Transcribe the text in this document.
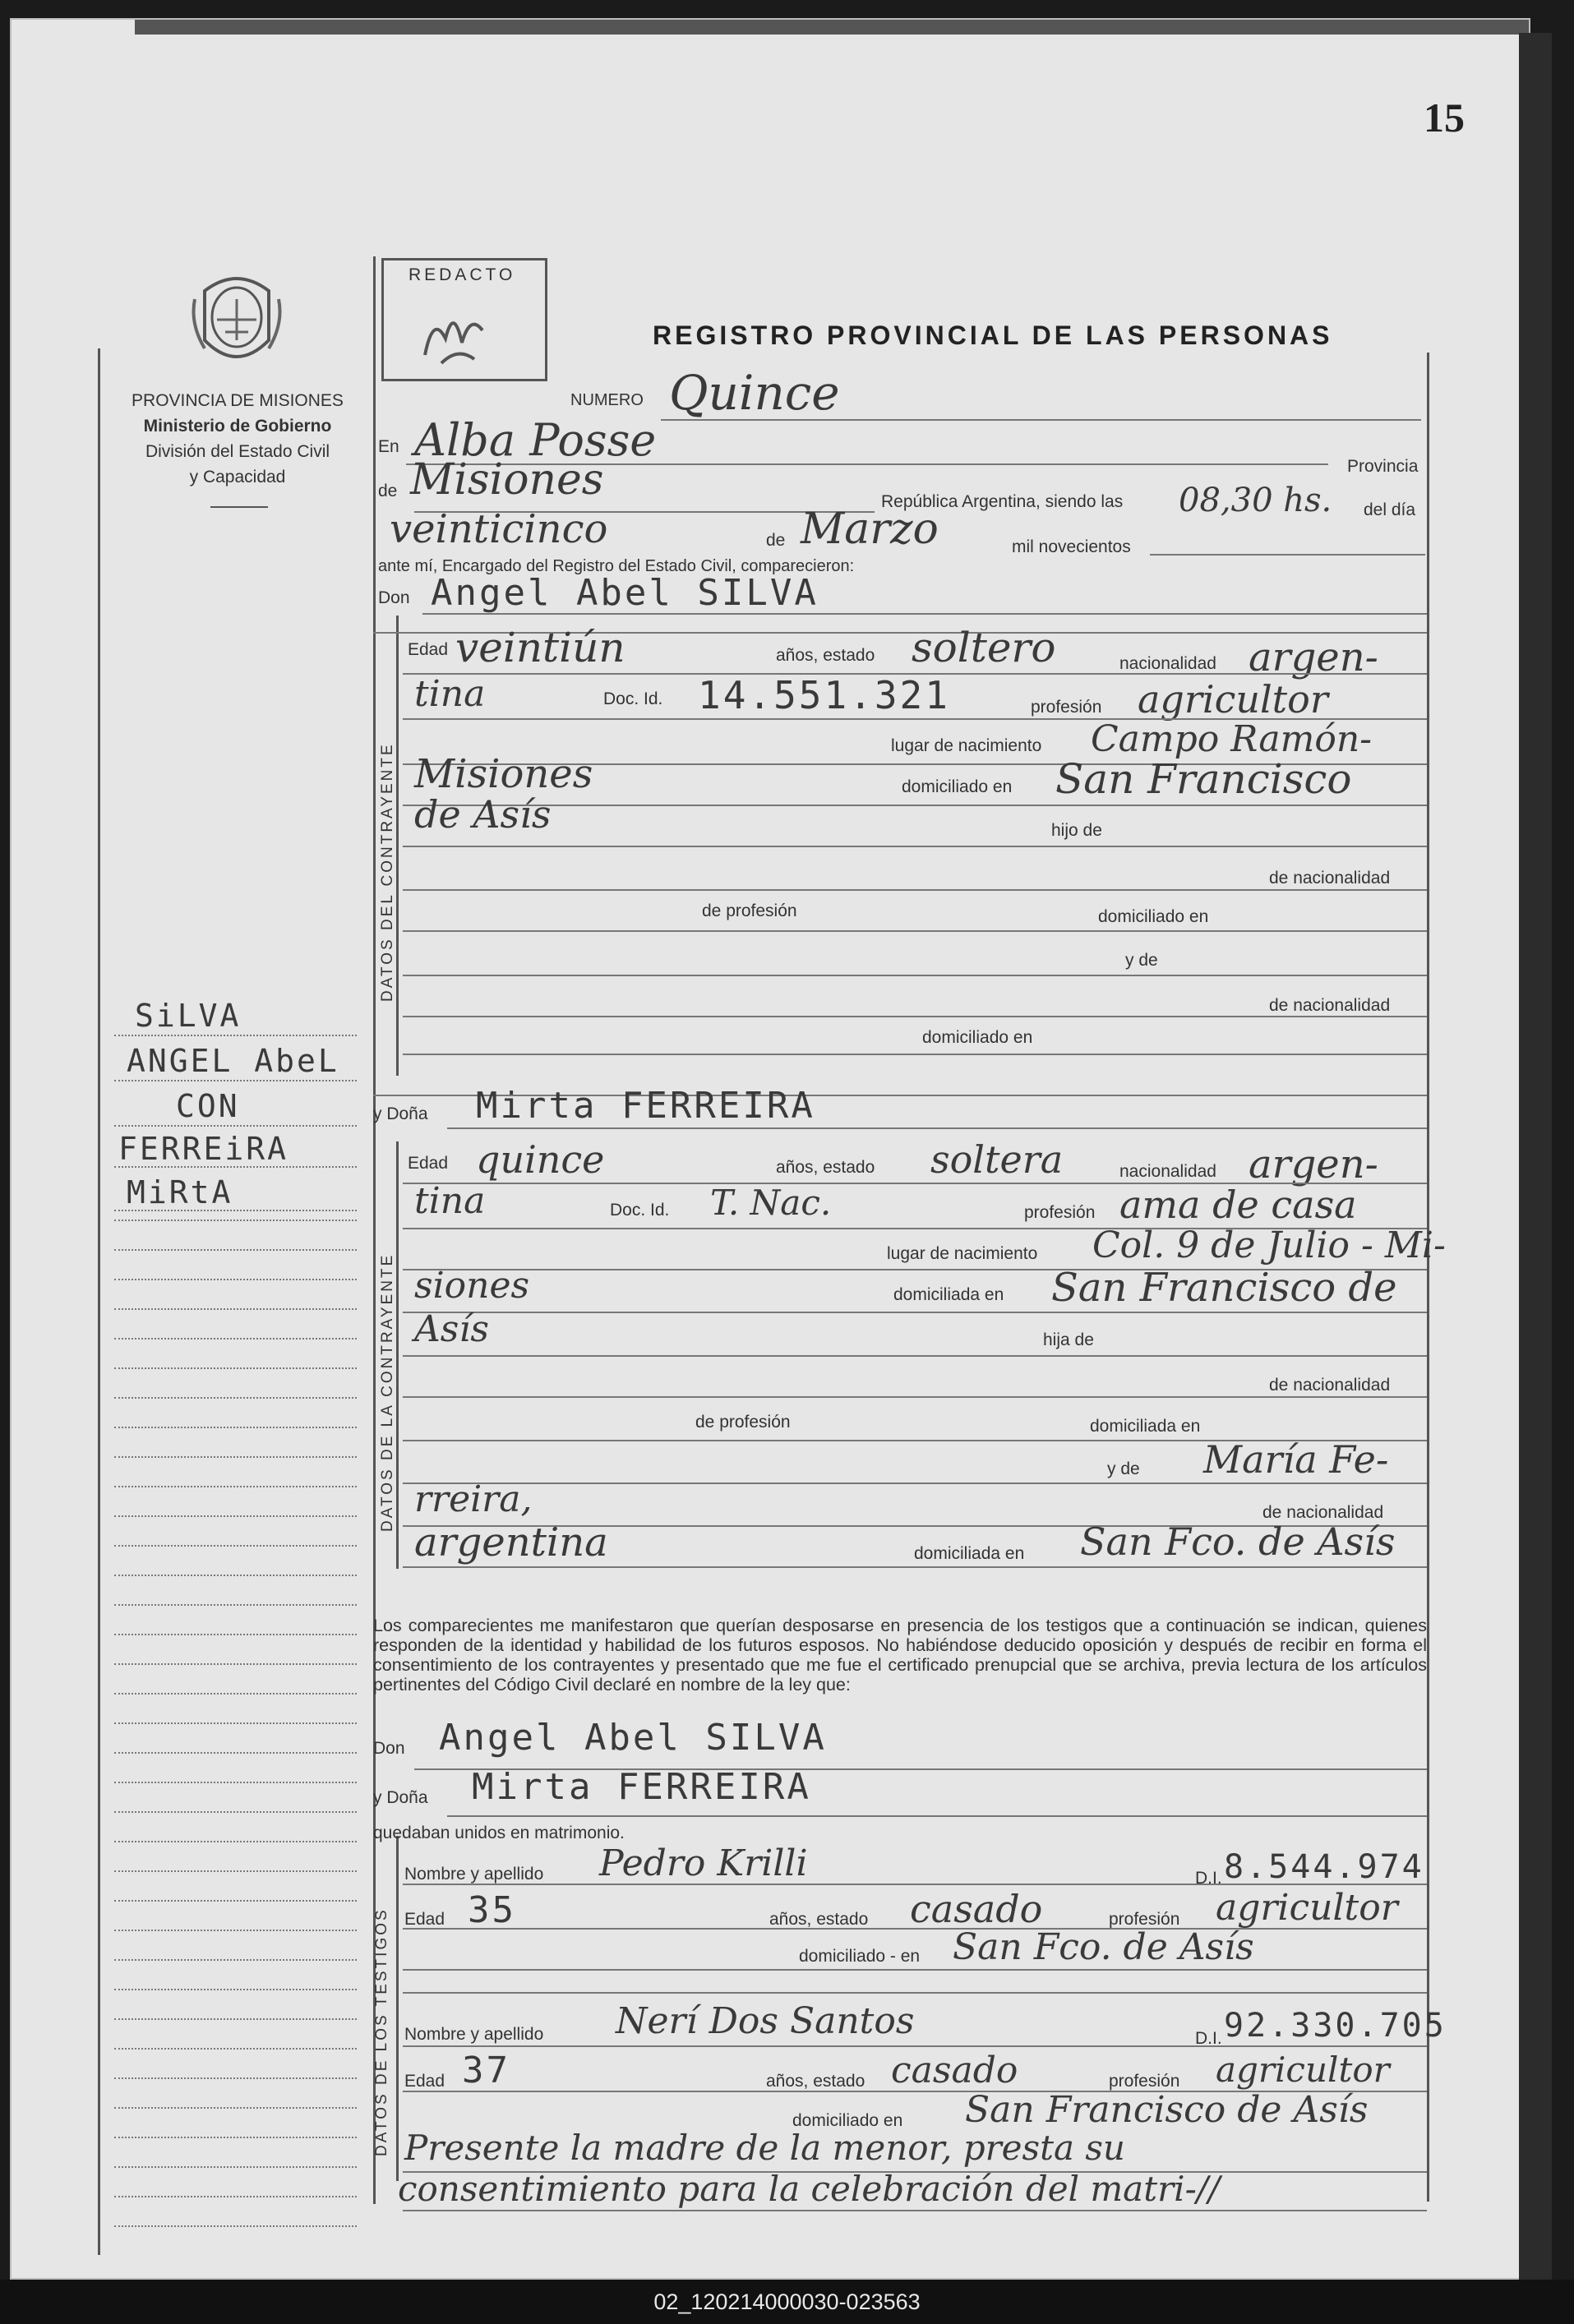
15
PROVINCIA DE MISIONES
Ministerio de Gobierno
División del Estado Civil
y Capacidad
REDACTO
REGISTRO PROVINCIAL DE LAS PERSONAS
NUMERO Quince
En Alba Posse
Provincia
de Misiones	República Argentina, siendo las 08,30 hs. del día
veinticinco	de Marzo	mil novecientos
ante mí, Encargado del Registro del Estado Civil, comparecieron:
Don Angel Abel SILVA
DATOS DEL CONTRAYENTE
Edad veintiún	años, estado soltero	nacionalidad argen-
tina	Doc. Id. 14.551.321	profesión agricultor
lugar de nacimiento Campo Ramón-
Misiones	domiciliado en San Francisco
de Asís	hijo de
de nacionalidad
de profesión	domiciliado en
y de
de nacionalidad
domiciliado en
y Doña Mirta FERREIRA
DATOS DE LA CONTRAYENTE
Edad quince	años, estado soltera	nacionalidad argen-
tina	Doc. Id. T. Nac.	profesión ama de casa
lugar de nacimiento Col. 9 de Julio - Mi-
siones	domiciliada en San Francisco de
Asís	hija de
de nacionalidad
de profesión	domiciliada en
y de María Fe-
rreira,	de nacionalidad
argentina	domiciliada en San Fco. de Asís
Los comparecientes me manifestaron que querían desposarse en presencia de los testigos que a continuación se indican, quienes responden de la identidad y habilidad de los futuros esposos. No habiéndose deducido oposición y después de recibir en forma el consentimiento de los contrayentes y presentado que me fue el certificado prenupcial que se archiva, previa lectura de los artículos pertinentes del Código Civil declaré en nombre de la ley que:
Don Angel Abel SILVA
y Doña Mirta FERREIRA
quedaban unidos en matrimonio.
DATOS DE LOS TESTIGOS
Nombre y apellido Pedro Krilli	D.I. 8.544.974
Edad 35	años, estado casado	profesión agricultor
domiciliado - en San Fco. de Asís
Nombre y apellido Nerí Dos Santos	D.I. 92.330.705
Edad 37	años, estado casado	profesión agricultor
domiciliado en San Francisco de Asís
Presente la madre de la menor, presta su
consentimiento para la celebración del matri-//
SiLVA
ANGEL AbeL
CON
FERREiRA
MiRtA
02_120214000030-023563
